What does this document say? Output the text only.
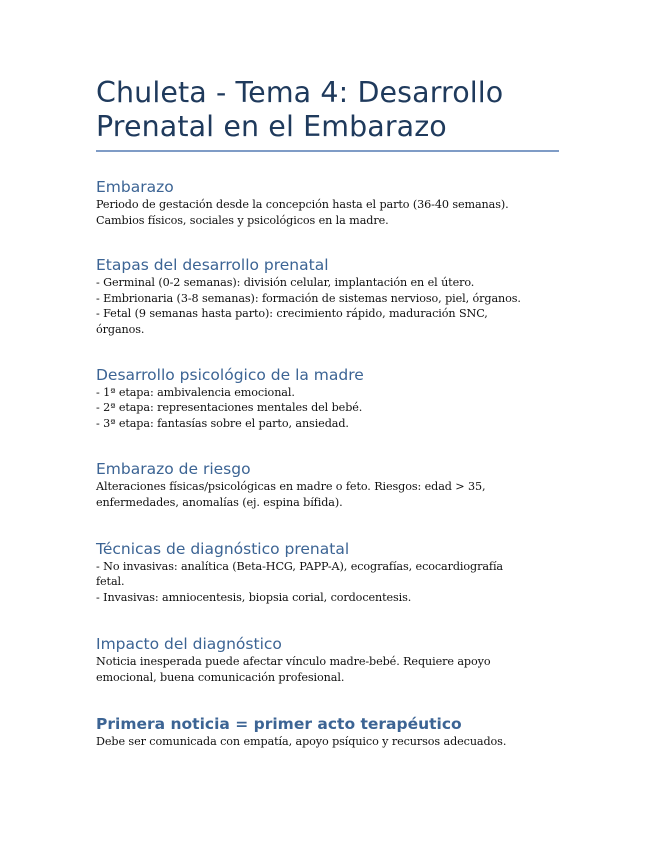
Chuleta - Tema 4: Desarrollo
Prenatal en el Embarazo
Embarazo

Periodo de gestación desde la concepción hasta el parto (36-40 semanas).
Cambios físicos, sociales y psicológicos en la madre.

Etapas del desarrollo prenatal

- Germinal (0-2 semanas): división celular, implantación en el útero.
- Embrionaria (3-8 semanas): formación de sistemas nervioso, piel, órganos.
- Fetal (9 semanas hasta parto): crecimiento rápido, maduración SNC,
órganos.

Desarrollo psicológico de la madre

- 1ª etapa: ambivalencia emocional.
- 2ª etapa: representaciones mentales del bebé.
- 3ª etapa: fantasías sobre el parto, ansiedad.

Embarazo de riesgo

Alteraciones físicas/psicológicas en madre o feto. Riesgos: edad > 35,
enfermedades, anomalías (ej. espina bífida).

Técnicas de diagnóstico prenatal

- No invasivas: analítica (Beta-HCG, PAPP-A), ecografías, ecocardiografía
fetal.
- Invasivas: amniocentesis, biopsia corial, cordocentesis.

Impacto del diagnóstico

Noticia inesperada puede afectar vínculo madre-bebé. Requiere apoyo
emocional, buena comunicación profesional.

Primera noticia = primer acto terapéutico

Debe ser comunicada con empatía, apoyo psíquico y recursos adecuados.
